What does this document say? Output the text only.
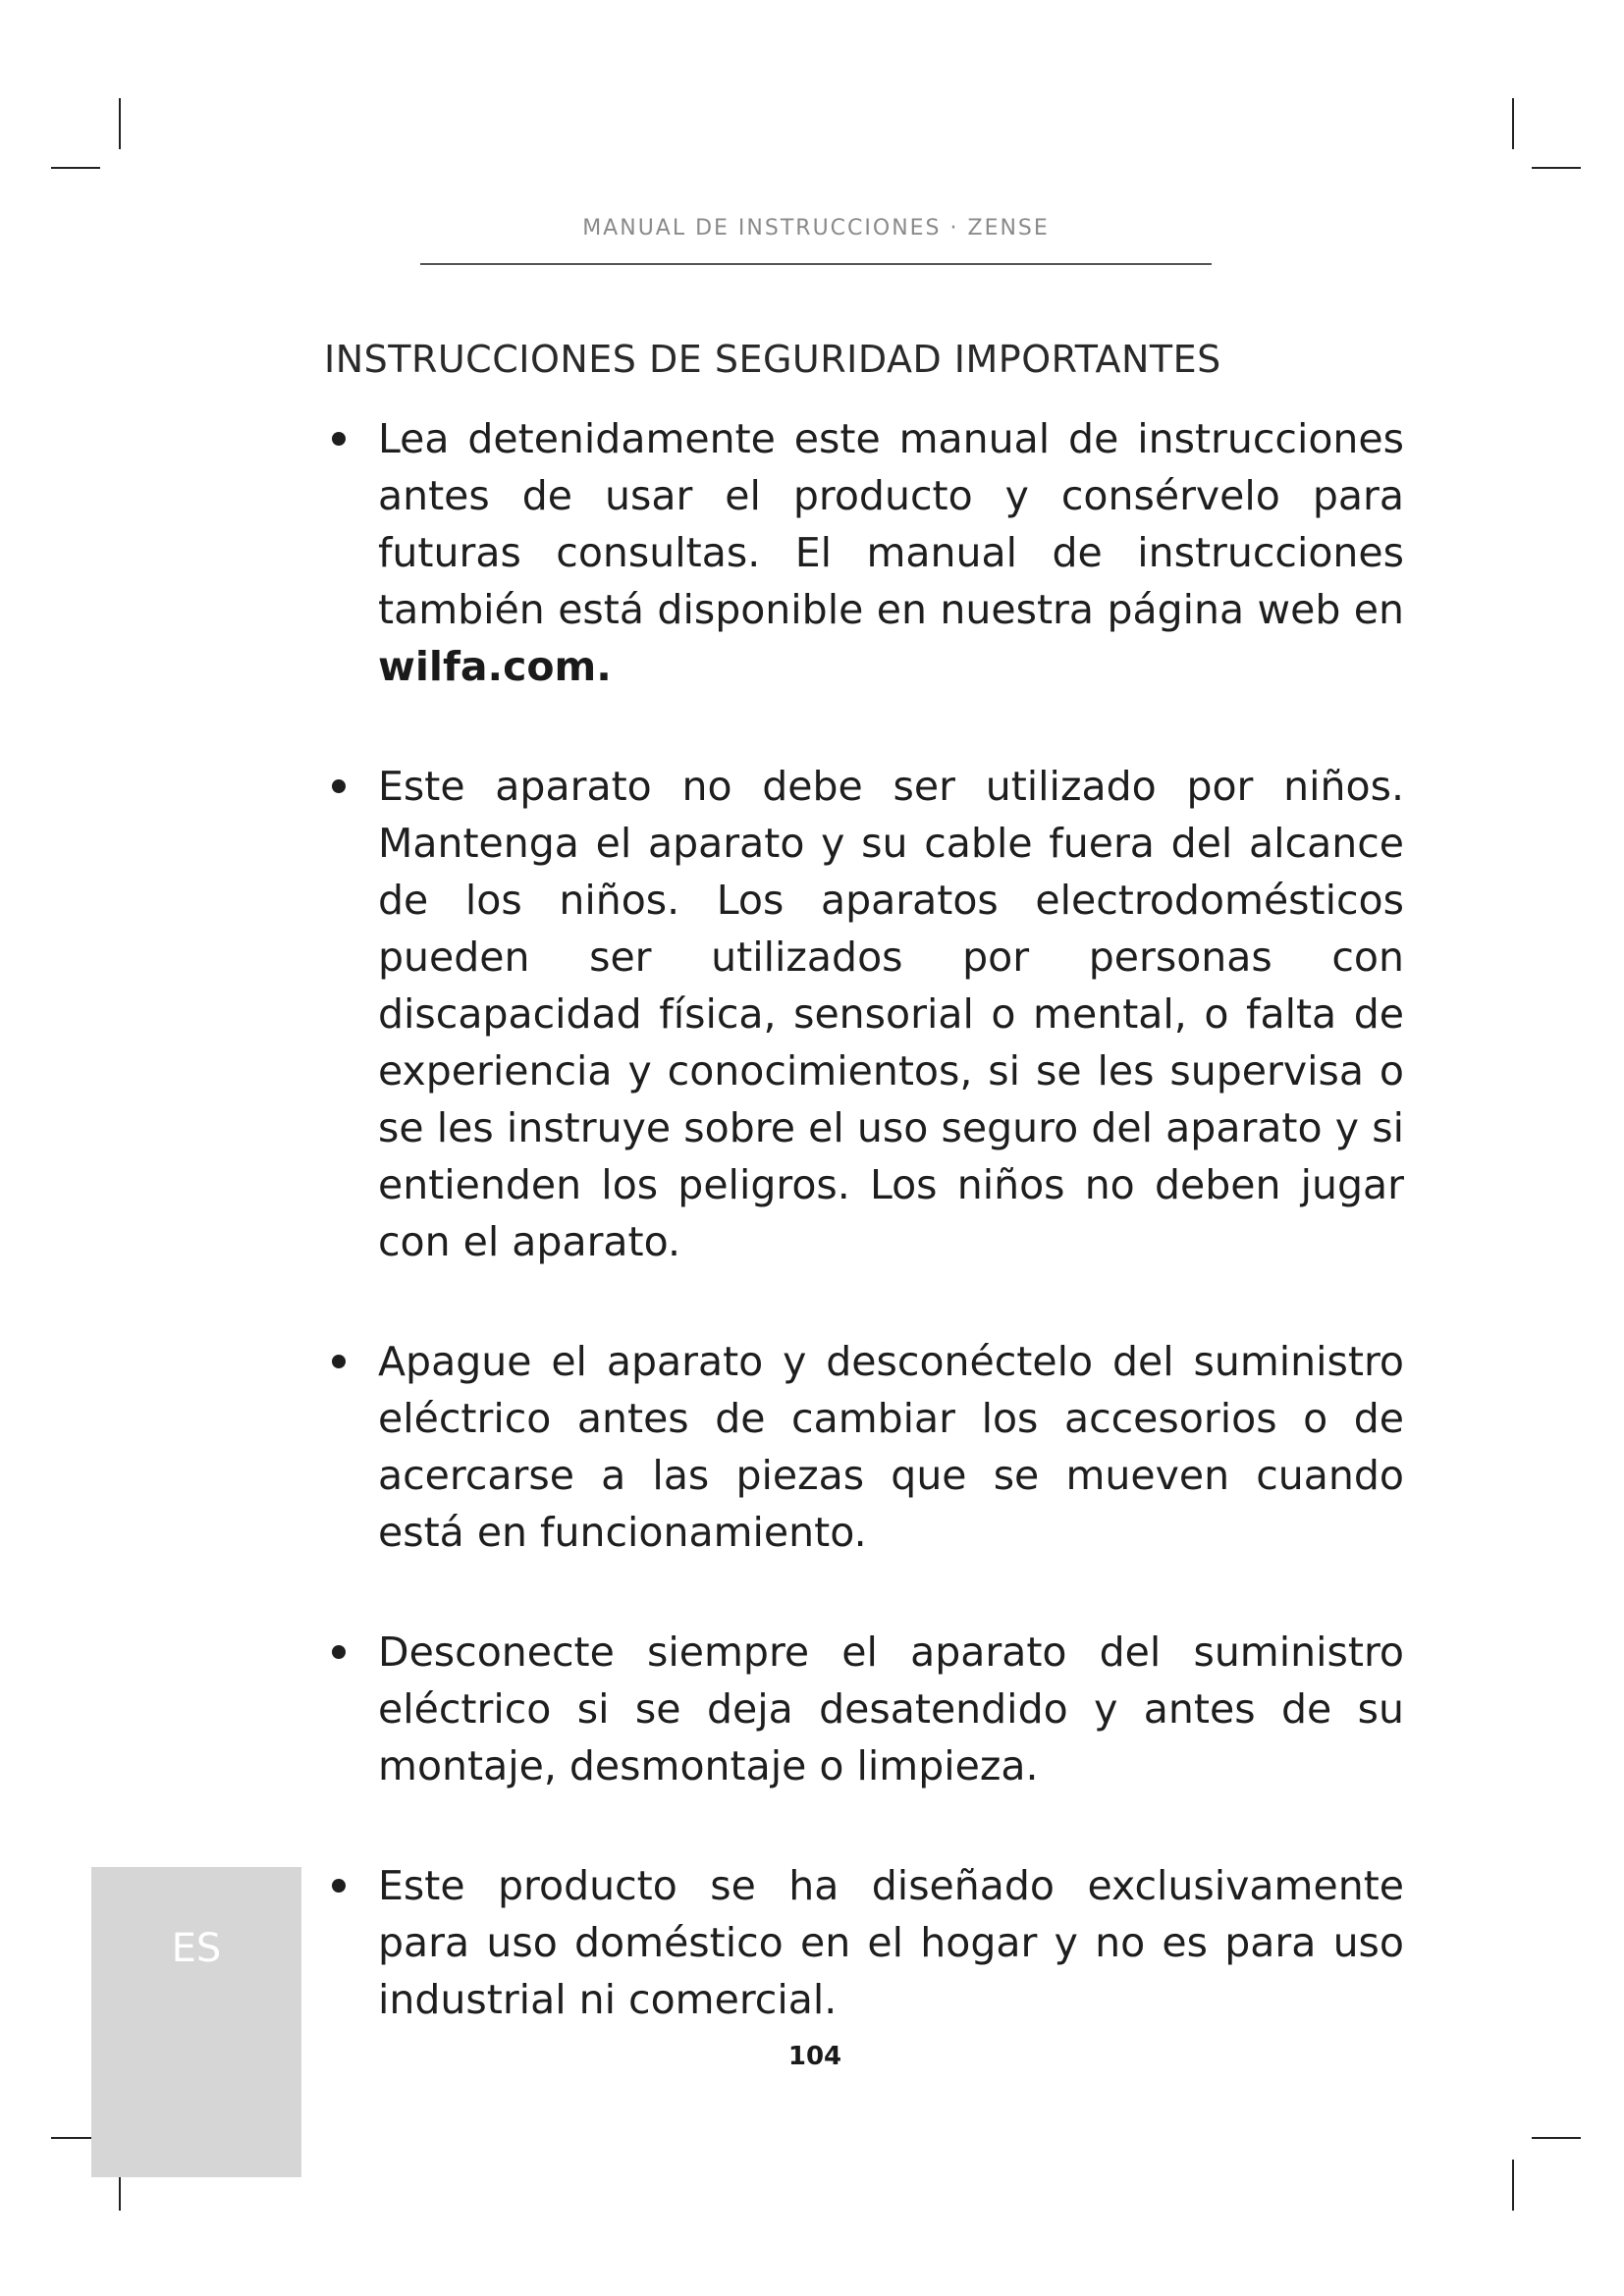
MANUAL DE INSTRUCCIONES · ZENSE
INSTRUCCIONES DE SEGURIDAD IMPORTANTES
Lea detenidamente este manual de instrucciones antes de usar el producto y consérvelo para futuras consultas. El manual de instrucciones también está disponible en nuestra página web en wilfa.com.
Este aparato no debe ser utilizado por niños. Mantenga el aparato y su cable fuera del alcance de los niños. Los aparatos electrodomésticos pueden ser utilizados por personas con discapacidad física, sensorial o mental, o falta de experiencia y conocimientos, si se les supervisa o se les instruye sobre el uso seguro del aparato y si entienden los peligros. Los niños no deben jugar con el aparato.
Apague el aparato y desconéctelo del suministro eléctrico antes de cambiar los accesorios o de acercarse a las piezas que se mueven cuando está en funcionamiento.
Desconecte siempre el aparato del suministro eléctrico si se deja desatendido y antes de su montaje, desmontaje o limpieza.
Este producto se ha diseñado exclusivamente para uso doméstico en el hogar y no es para uso industrial ni comercial.
ES
104
